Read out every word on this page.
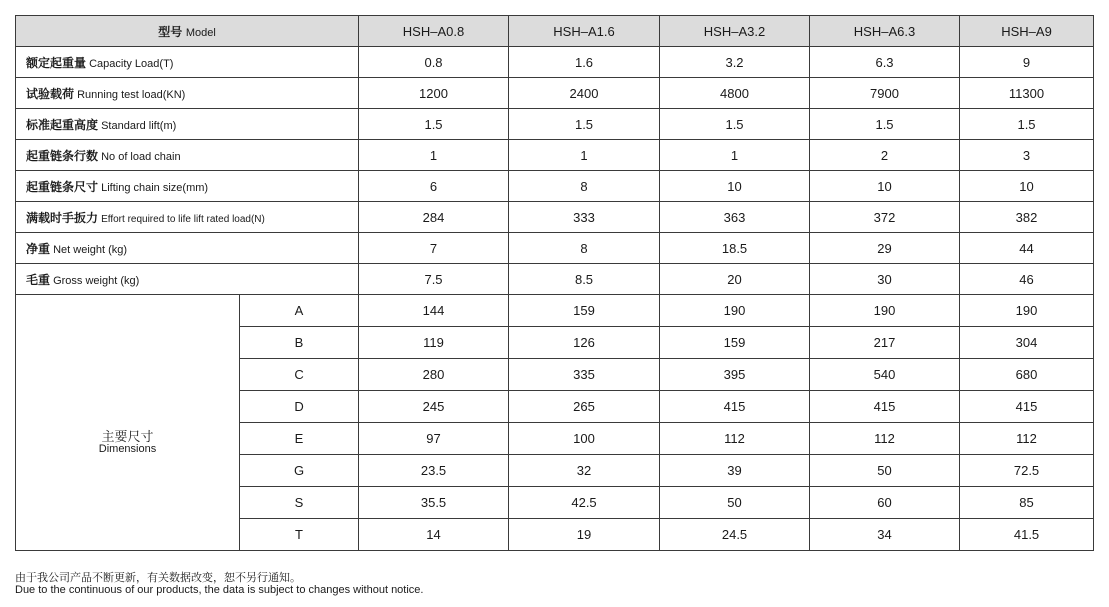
型号 Model		HSH–A0.8	HSH–A1.6	HSH–A3.2	HSH–A6.3	HSH–A9
额定起重量 Capacity Load(T)		0.8	1.6	3.2	6.3	9
试验载荷 Running test load(KN)		1200	2400	4800	7900	11300
标准起重高度 Standard lift(m)		1.5	1.5	1.5	1.5	1.5
起重链条行数 No of load chain		1	1	1	2	3
起重链条尺寸 Lifting chain size(mm)		6	8	10	10	10
满载时手扳力 Effort required to life lift rated load(N)		284	333	363	372	382
净重 Net weight (kg)		7	8	18.5	29	44
毛重 Gross weight (kg)		7.5	8.5	20	30	46

主要尺寸
Dimensions	A	144	159	190	190	190
	B	119	126	159	217	304
	C	280	335	395	540	680
	D	245	265	415	415	415
	E	97	100	112	112	112
	G	23.5	32	39	50	72.5
	S	35.5	42.5	50	60	85
	T	14	19	24.5	34	41.5
由于我公司产品不断更新，有关数据改变，恕不另行通知。
Due to the continuous of our products, the data is subject to changes without notice.
